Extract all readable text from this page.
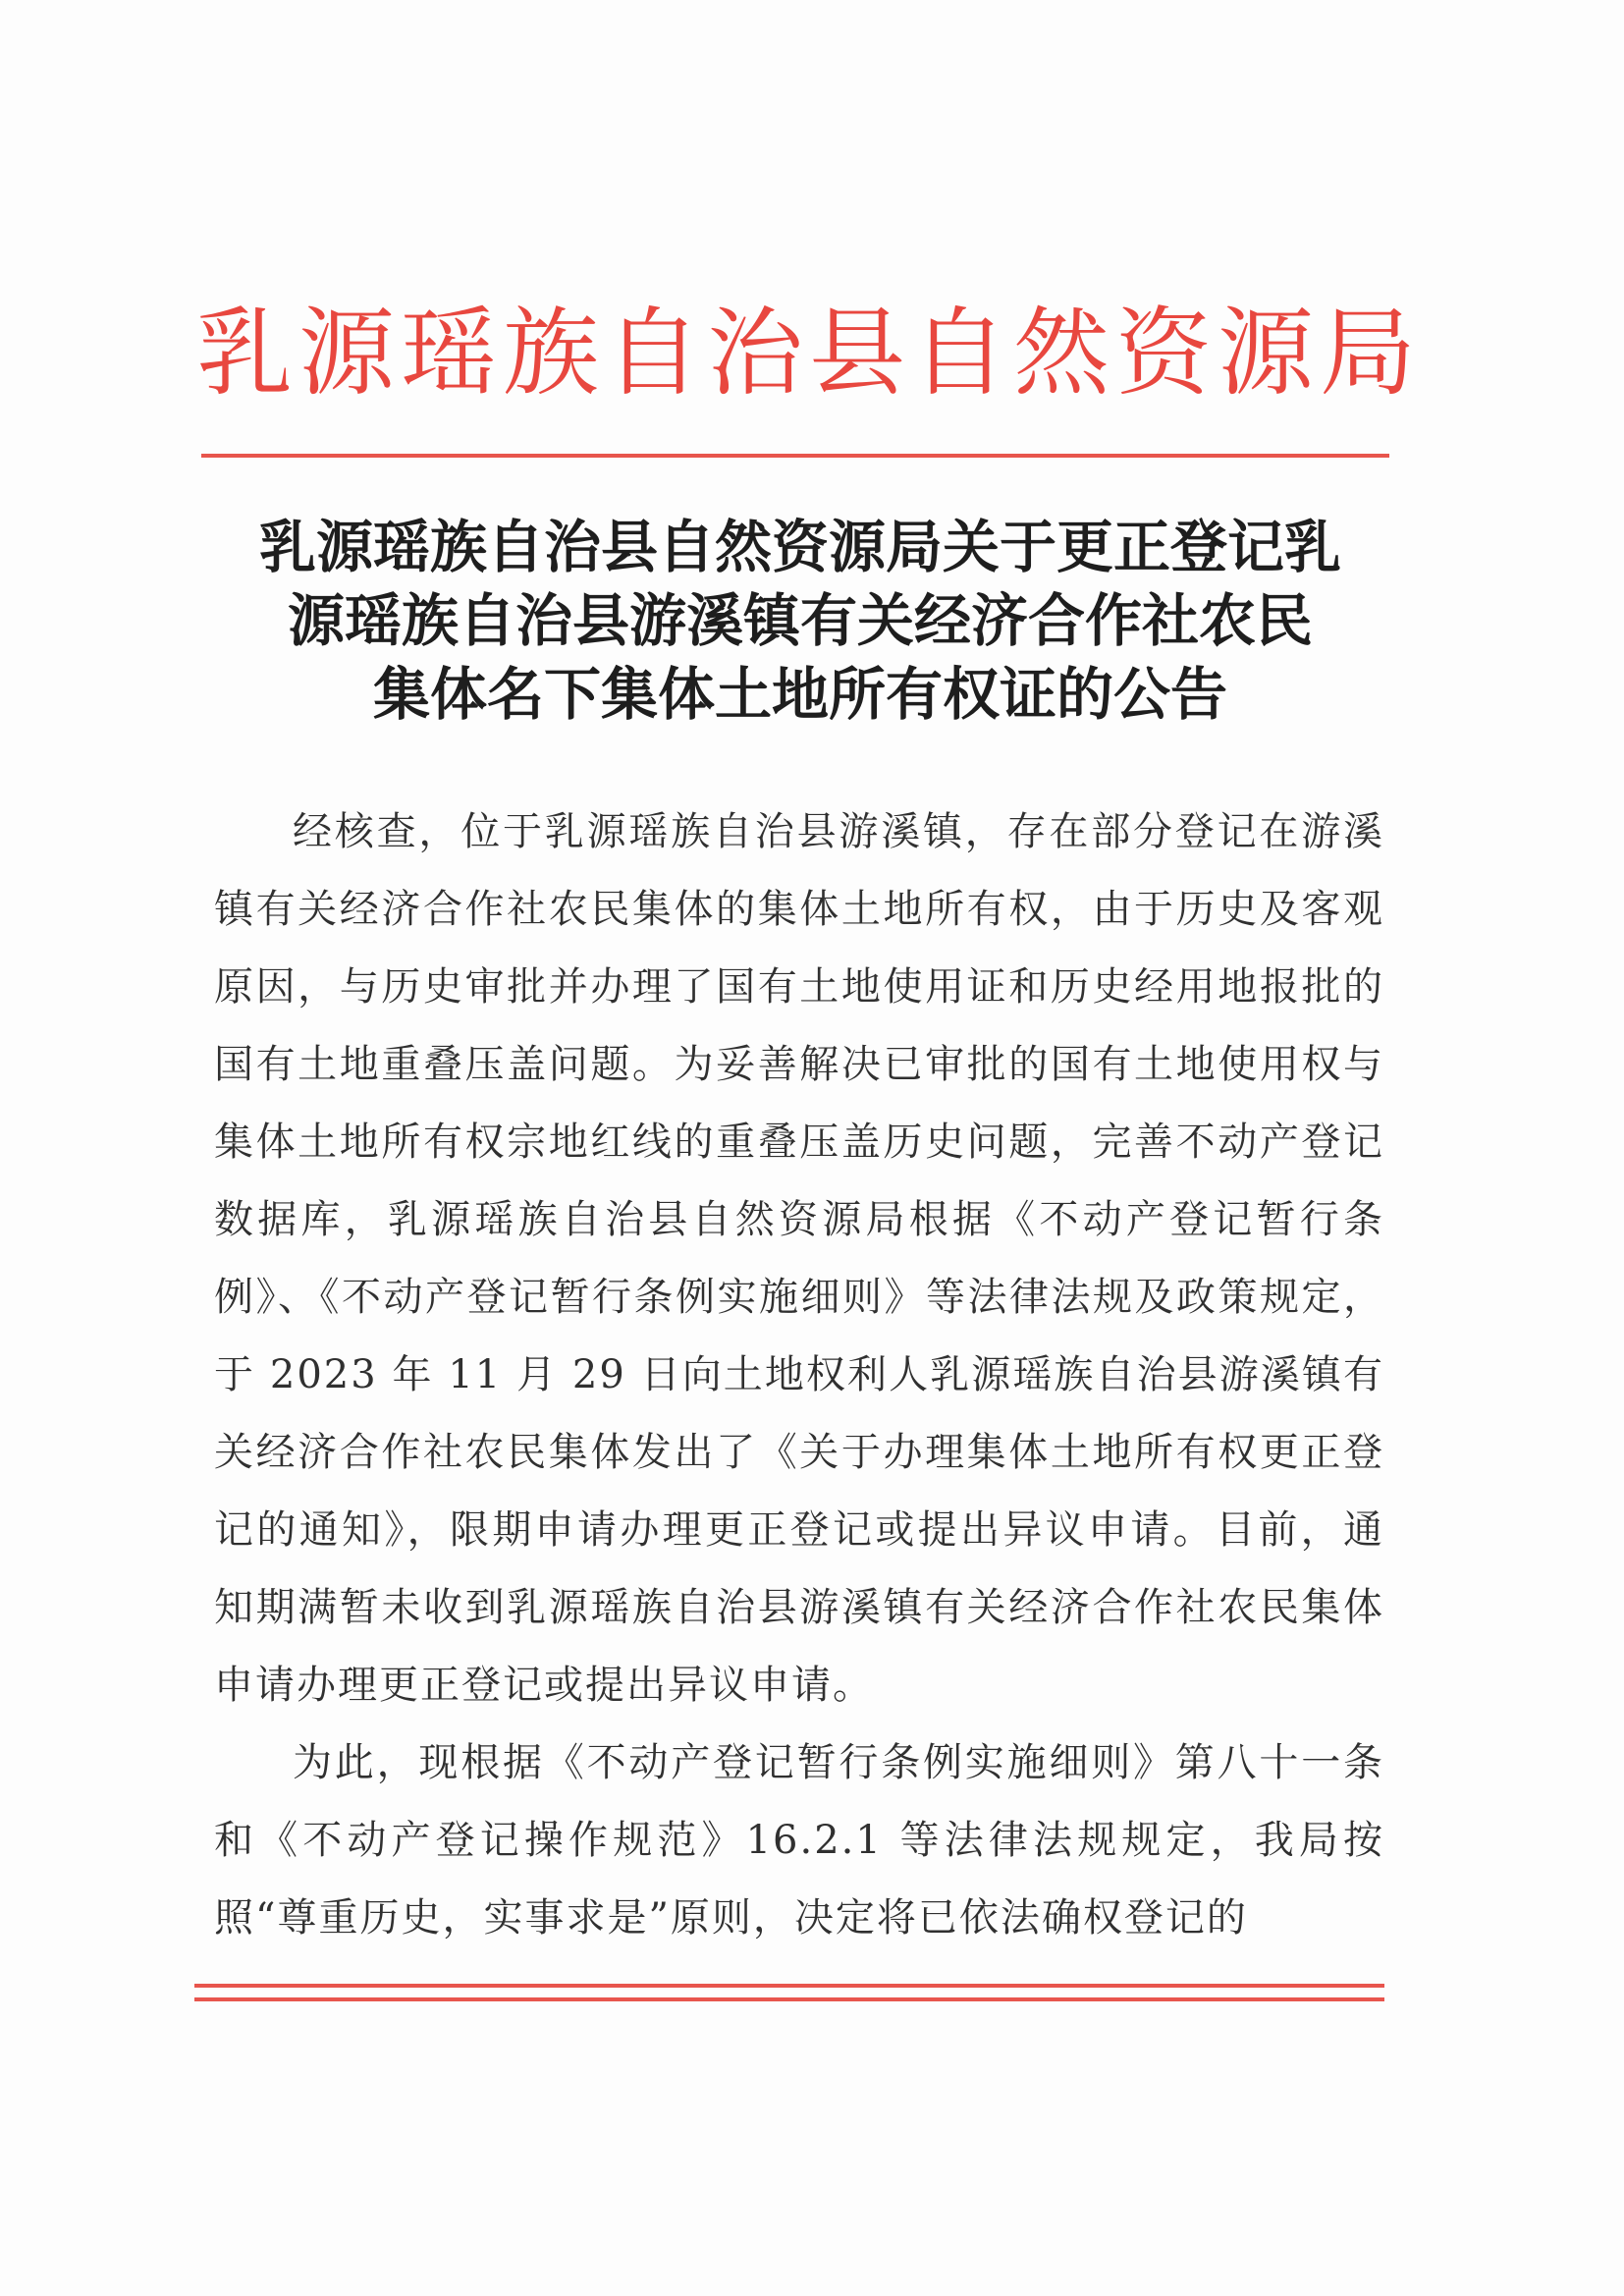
乳源瑶族自治县自然资源局
乳源瑶族自治县自然资源局关于更正登记乳
源瑶族自治县游溪镇有关经济合作社农民
集体名下集体土地所有权证的公告

经核查，位于乳源瑶族自治县游溪镇，存在部分登记在游溪镇有关经济合作社农民集体的集体土地所有权，由于历史及客观原因，与历史审批并办理了国有土地使用证和历史经用地报批的国有土地重叠压盖问题。为妥善解决已审批的国有土地使用权与集体土地所有权宗地红线的重叠压盖历史问题，完善不动产登记数据库，乳源瑶族自治县自然资源局根据《不动产登记暂行条例》、《不动产登记暂行条例实施细则》等法律法规及政策规定，于 2023 年 11 月 29 日向土地权利人乳源瑶族自治县游溪镇有关经济合作社农民集体发出了《关于办理集体土地所有权更正登记的通知》，限期申请办理更正登记或提出异议申请。目前，通知期满暂未收到乳源瑶族自治县游溪镇有关经济合作社农民集体申请办理更正登记或提出异议申请。

为此，现根据《不动产登记暂行条例实施细则》第八十一条和《不动产登记操作规范》16.2.1 等法律法规规定，我局按照“尊重历史，实事求是”原则，决定将已依法确权登记的
